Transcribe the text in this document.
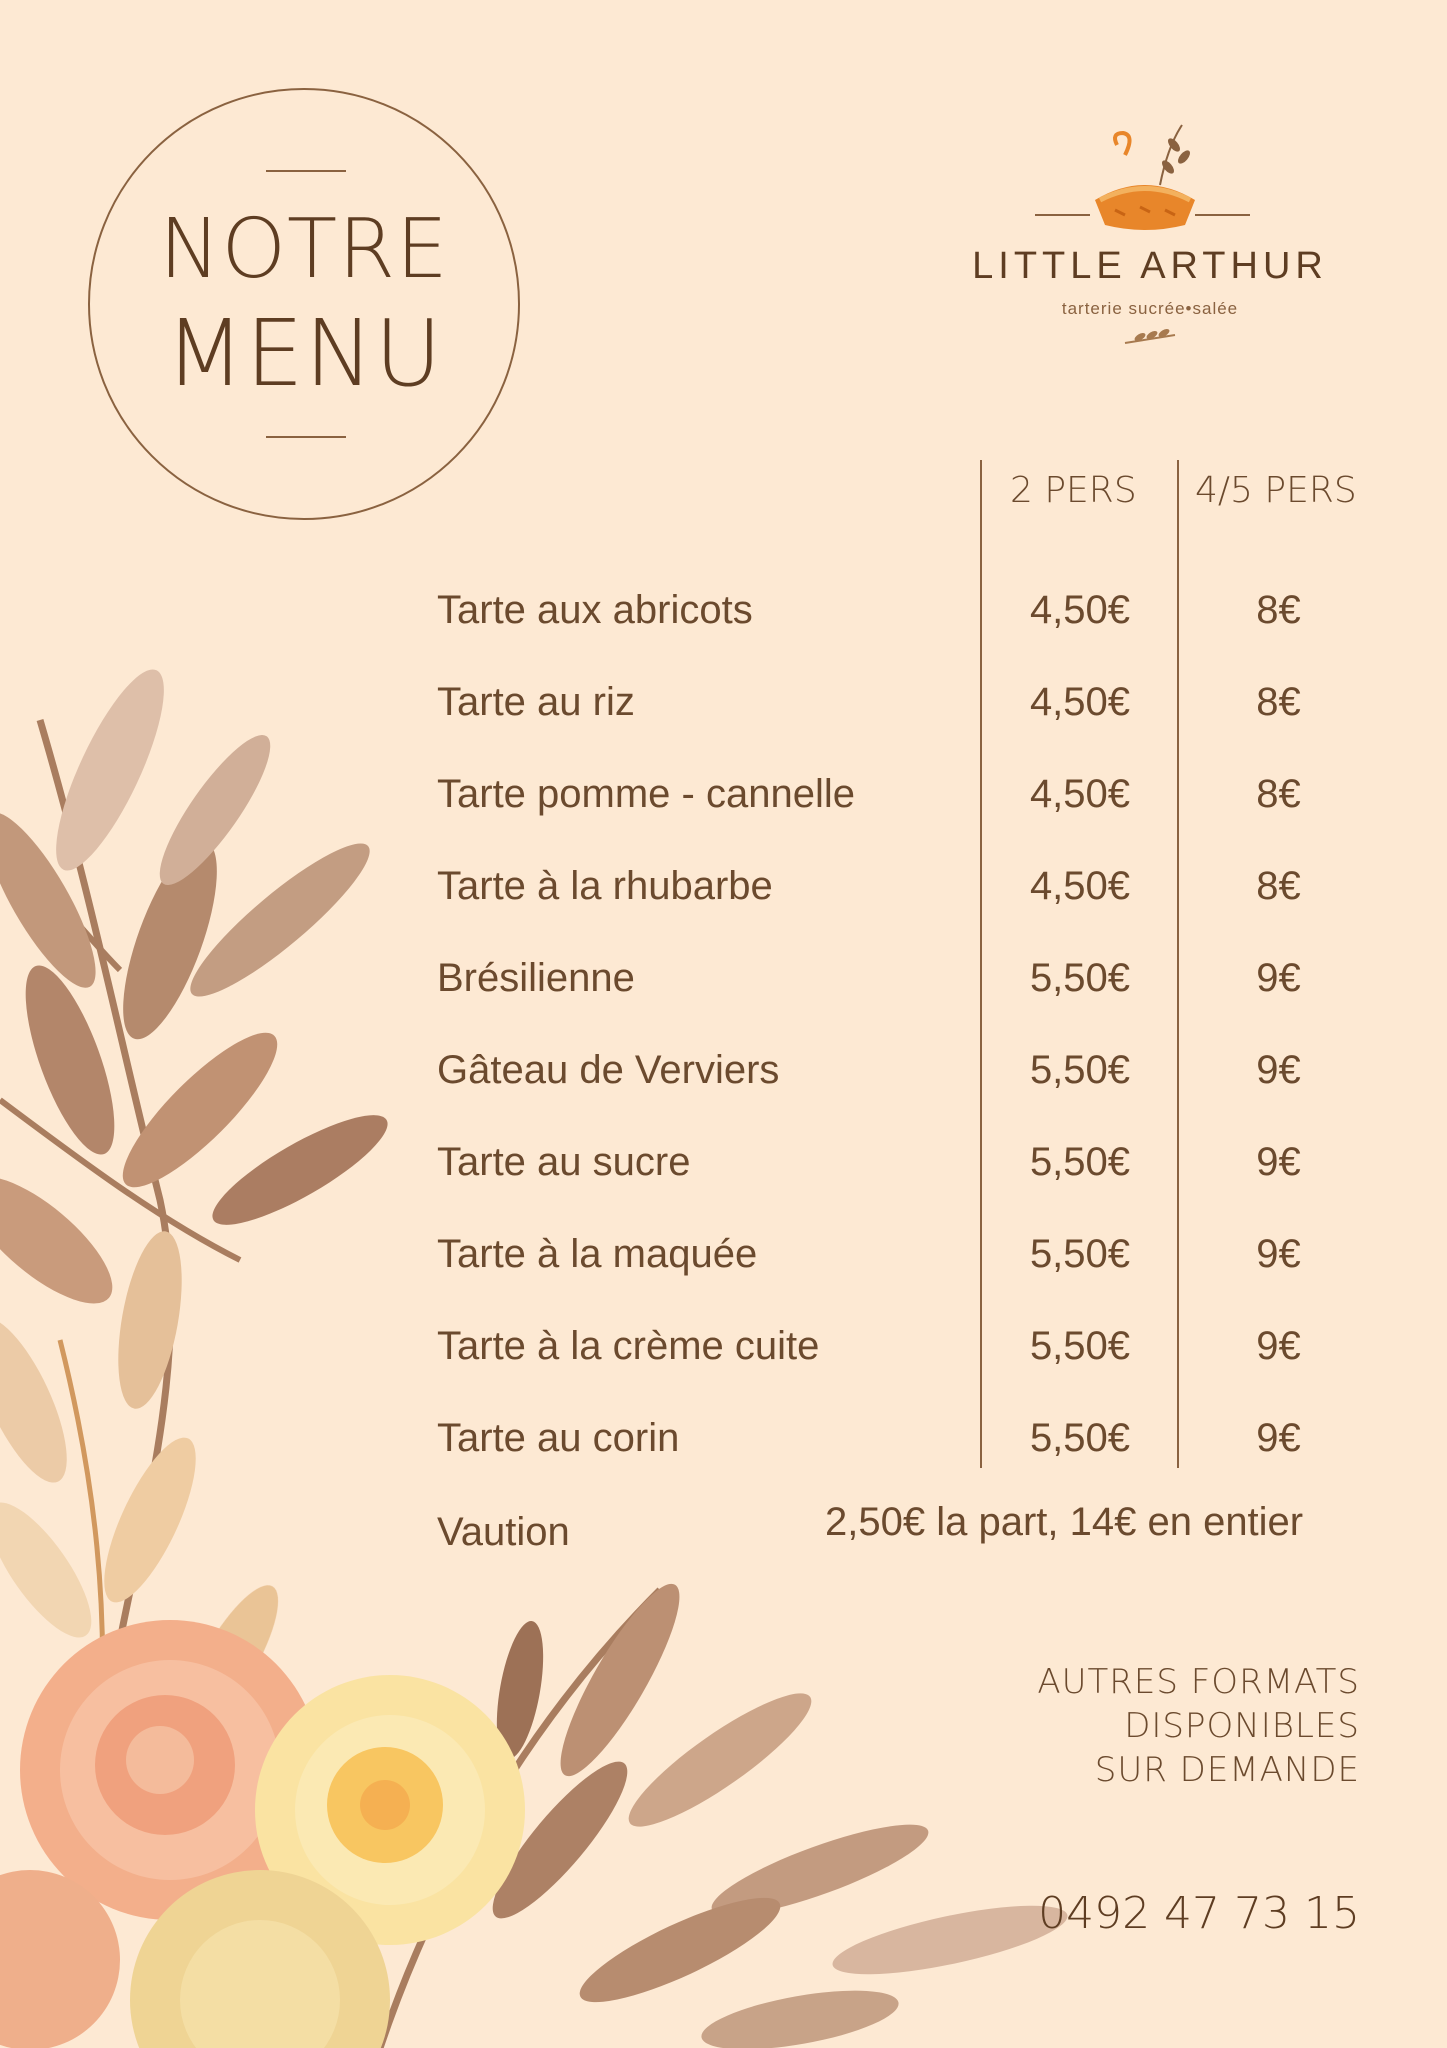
NOTRE
MENU
LITTLE ARTHUR
tarterie sucrée•salée
2 PERS 4/5 PERS
Tarte aux abricots	4,50€	8€
Tarte au riz	4,50€	8€
Tarte pomme - cannelle	4,50€	8€
Tarte à la rhubarbe	4,50€	8€
Brésilienne	5,50€	9€
Gâteau de Verviers	5,50€	9€
Tarte au sucre	5,50€	9€
Tarte à la maquée	5,50€	9€
Tarte à la crème cuite	5,50€	9€
Tarte au corin	5,50€	9€
Vaution	2,50€ la part, 14€ en entier
AUTRES FORMATS
DISPONIBLES
SUR DEMANDE
0492 47 73 15
